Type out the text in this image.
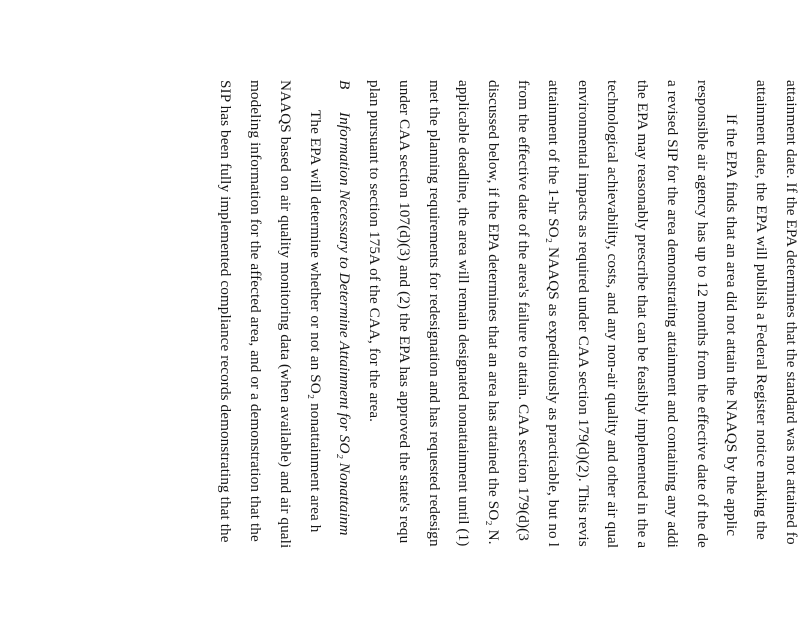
attainment date. If the EPA determines that the standard was not attained fo
attainment date, the EPA will publish a Federal Register notice making the
If the EPA finds that an area did not attain the NAAQS by the applic
responsible air agency has up to 12 months from the effective date of the de
a revised SIP for the area demonstrating attainment and containing any addi
the EPA may reasonably prescribe that can be feasibly implemented in the a
technological achievability, costs, and any non-air quality and other air qual
environmental impacts as required under CAA section 179(d)(2). This revis
attainment of the 1-hr SO₂ NAAQS as expeditiously as practicable, but no l
from the effective date of the area's failure to attain. CAA section 179(d)(3
discussed below, if the EPA determines that an area has attained the SO₂ N.
applicable deadline, the area will remain designated nonattainment until (1)
met the planning requirements for redesignation and has requested redesign
under CAA section 107(d)(3) and (2) the EPA has approved the state's requ
plan pursuant to section 175A of the CAA, for the area.
BInformation Necessary to Determine Attainment for SO₂ Nonattainm
The EPA will determine whether or not an SO₂ nonattainment area h
NAAQS based on air quality monitoring data (when available) and air quali
modeling information for the affected area, and or a demonstration that the
SIP has been fully implemented compliance records demonstrating that the
